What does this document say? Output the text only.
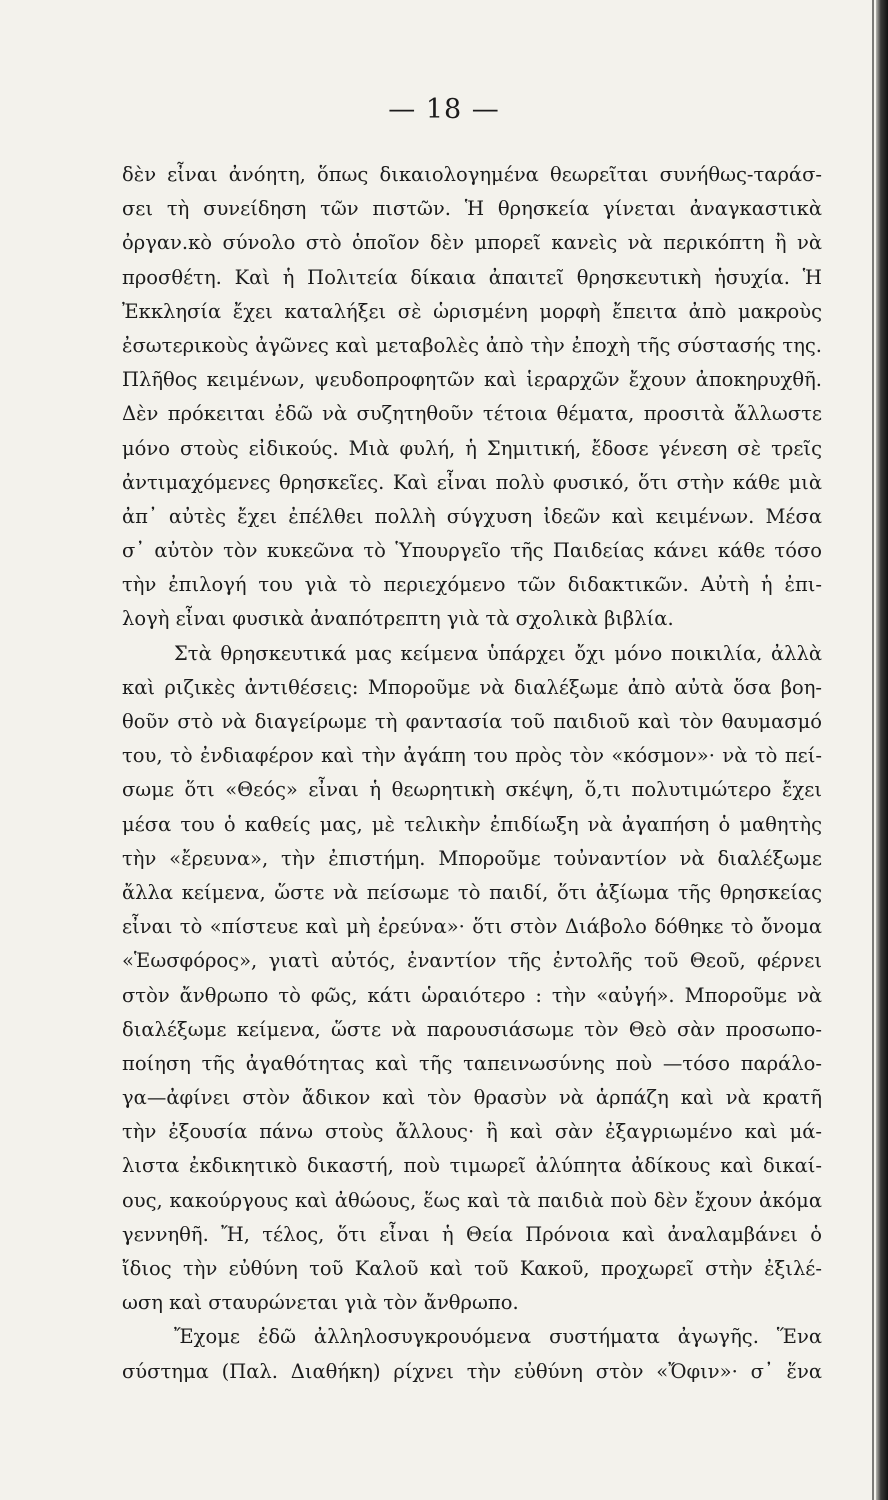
— 18 —
δὲν εἶναι ἀνόητη, ὅπως δικαιολογημένα θεωρεῖται συνήθως-ταράσ-
σει τὴ συνείδηση τῶν πιστῶν. Ἡ θρησκεία γίνεται ἀναγκαστικὰ
ὀργαν.κὸ σύνολο στὸ ὁποῖον δὲν μπορεῖ κανεὶς νὰ περικόπτη ἢ νὰ
προσθέτη. Καὶ ἡ Πολιτεία δίκαια ἀπαιτεῖ θρησκευτικὴ ἡσυχία. Ἡ
Ἐκκλησία ἔχει καταλήξει σὲ ὡρισμένη μορφὴ ἔπειτα ἀπὸ μακροὺς
ἐσωτερικοὺς ἀγῶνες καὶ μεταβολὲς ἀπὸ τὴν ἐποχὴ τῆς σύστασής της.
Πλῆθος κειμένων, ψευδοπροφητῶν καὶ ἱεραρχῶν ἔχουν ἀποκηρυχθῆ.
Δὲν πρόκειται ἐδῶ νὰ συζητηθοῦν τέτοια θέματα, προσιτὰ ἄλλωστε
μόνο στοὺς εἰδικούς. Μιὰ φυλή, ἡ Σημιτική, ἔδοσε γένεση σὲ τρεῖς
ἀντιμαχόμενες θρησκεῖες. Καὶ εἶναι πολὺ φυσικό, ὅτι στὴν κάθε μιὰ
ἀπ᾿ αὐτὲς ἔχει ἐπέλθει πολλὴ σύγχυση ἰδεῶν καὶ κειμένων. Μέσα
σ᾿ αὐτὸν τὸν κυκεῶνα τὸ Ὑπουργεῖο τῆς Παιδείας κάνει κάθε τόσο
τὴν ἐπιλογή του γιὰ τὸ περιεχόμενο τῶν διδακτικῶν. Αὐτὴ ἡ ἐπι-
λογὴ εἶναι φυσικὰ ἀναπότρεπτη γιὰ τὰ σχολικὰ βιβλία.
Στὰ θρησκευτικά μας κείμενα ὑπάρχει ὄχι μόνο ποικιλία, ἀλλὰ
καὶ ριζικὲς ἀντιθέσεις: Μποροῦμε νὰ διαλέξωμε ἀπὸ αὐτὰ ὅσα βοη-
θοῦν στὸ νὰ διαγείρωμε τὴ φαντασία τοῦ παιδιοῦ καὶ τὸν θαυμασμό
του, τὸ ἐνδιαφέρον καὶ τὴν ἀγάπη του πρὸς τὸν «κόσμον»· νὰ τὸ πεί-
σωμε ὅτι «Θεός» εἶναι ἡ θεωρητικὴ σκέψη, ὅ,τι πολυτιμώτερο ἔχει
μέσα του ὁ καθείς μας, μὲ τελικὴν ἐπιδίωξη νὰ ἀγαπήση ὁ μαθητὴς
τὴν «ἔρευνα», τὴν ἐπιστήμη. Μποροῦμε τοὐναντίον νὰ διαλέξωμε
ἄλλα κείμενα, ὥστε νὰ πείσωμε τὸ παιδί, ὅτι ἀξίωμα τῆς θρησκείας
εἶναι τὸ «πίστευε καὶ μὴ ἐρεύνα»· ὅτι στὸν Διάβολο δόθηκε τὸ ὄνομα
«Ἑωσφόρος», γιατὶ αὐτός, ἐναντίον τῆς ἐντολῆς τοῦ Θεοῦ, φέρνει
στὸν ἄνθρωπο τὸ φῶς, κάτι ὡραιότερο : τὴν «αὐγή». Μποροῦμε νὰ
διαλέξωμε κείμενα, ὥστε νὰ παρουσιάσωμε τὸν Θεὸ σὰν προσωπο-
ποίηση τῆς ἀγαθότητας καὶ τῆς ταπεινωσύνης ποὺ —τόσο παράλο-
γα—ἀφίνει στὸν ἄδικον καὶ τὸν θρασὺν νὰ ἁρπάζη καὶ νὰ κρατῆ
τὴν ἐξουσία πάνω στοὺς ἄλλους· ἢ καὶ σὰν ἐξαγριωμένο καὶ μά-
λιστα ἐκδικητικὸ δικαστή, ποὺ τιμωρεῖ ἀλύπητα ἀδίκους καὶ δικαί-
ους, κακούργους καὶ ἀθώους, ἕως καὶ τὰ παιδιὰ ποὺ δὲν ἔχουν ἀκόμα
γεννηθῆ. Ἤ, τέλος, ὅτι εἶναι ἡ Θεία Πρόνοια καὶ ἀναλαμβάνει ὁ
ἴδιος τὴν εὐθύνη τοῦ Καλοῦ καὶ τοῦ Κακοῦ, προχωρεῖ στὴν ἐξιλέ-
ωση καὶ σταυρώνεται γιὰ τὸν ἄνθρωπο.
Ἔχομε ἐδῶ ἀλληλοσυγκρουόμενα συστήματα ἀγωγῆς. Ἕνα
σύστημα (Παλ. Διαθήκη) ρίχνει τὴν εὐθύνη στὸν «Ὄφιν»· σ᾿ ἕνα
